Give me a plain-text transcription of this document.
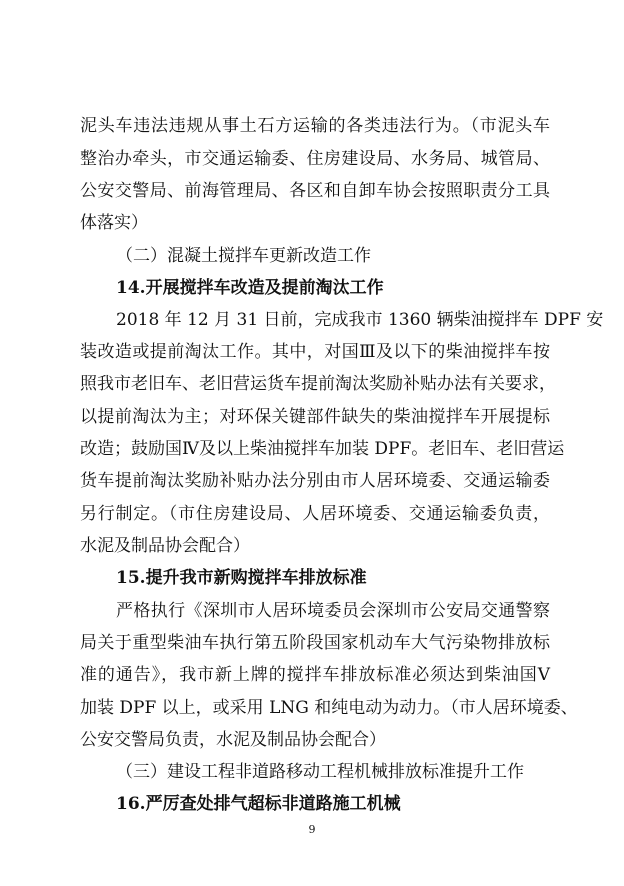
泥头车违法违规从事土石方运输的各类违法行为。（市泥头车
整治办牵头，市交通运输委、住房建设局、水务局、城管局、
公安交警局、前海管理局、各区和自卸车协会按照职责分工具
体落实）
（二）混凝土搅拌车更新改造工作
14.开展搅拌车改造及提前淘汰工作
2018 年 12 月 31 日前，完成我市 1360 辆柴油搅拌车 DPF 安
装改造或提前淘汰工作。其中，对国Ⅲ及以下的柴油搅拌车按
照我市老旧车、老旧营运货车提前淘汰奖励补贴办法有关要求，
以提前淘汰为主；对环保关键部件缺失的柴油搅拌车开展提标
改造；鼓励国Ⅳ及以上柴油搅拌车加装 DPF。老旧车、老旧营运
货车提前淘汰奖励补贴办法分别由市人居环境委、交通运输委
另行制定。（市住房建设局、人居环境委、交通运输委负责，
水泥及制品协会配合）
15.提升我市新购搅拌车排放标准
严格执行《深圳市人居环境委员会深圳市公安局交通警察
局关于重型柴油车执行第五阶段国家机动车大气污染物排放标
准的通告》，我市新上牌的搅拌车排放标准必须达到柴油国Ⅴ
加装 DPF 以上，或采用 LNG 和纯电动为动力。（市人居环境委、
公安交警局负责，水泥及制品协会配合）
（三）建设工程非道路移动工程机械排放标准提升工作
16.严厉查处排气超标非道路施工机械
9
